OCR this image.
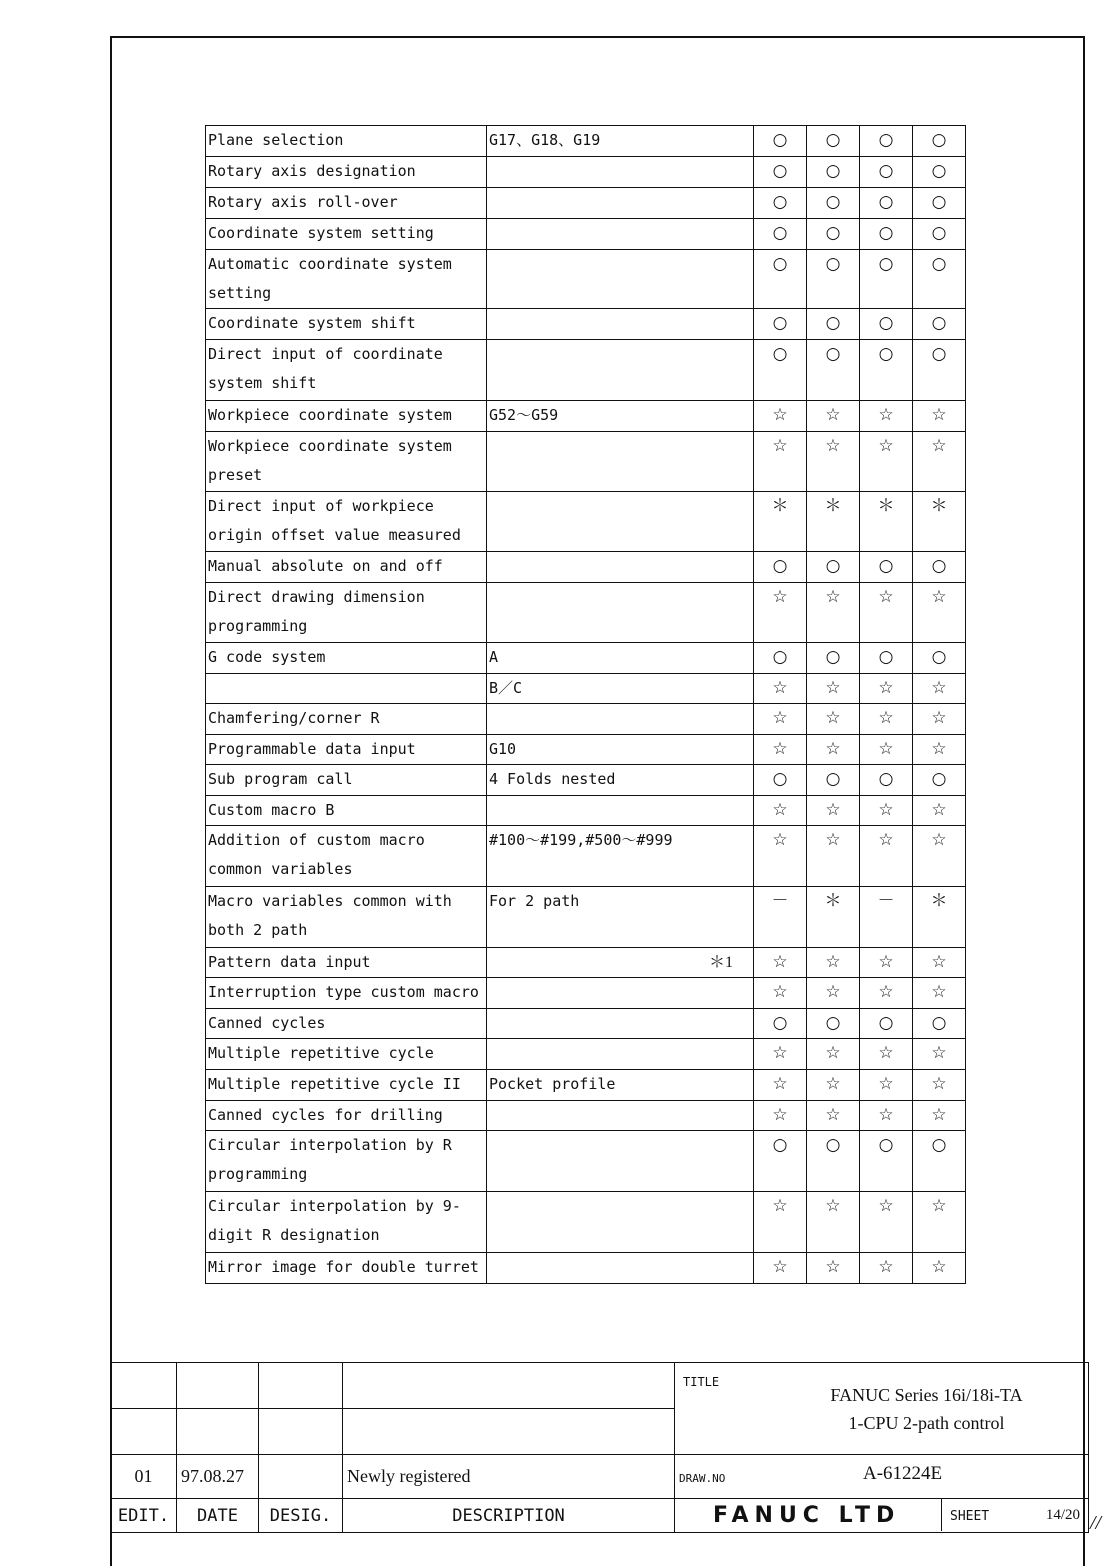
Plane selection	G17、G18、G19	○	○	○	○
Rotary axis designation		○	○	○	○
Rotary axis roll-over		○	○	○	○
Coordinate system setting		○	○	○	○
Automatic coordinate system setting		○	○	○	○
Coordinate system shift		○	○	○	○
Direct input of coordinate system shift		○	○	○	○
Workpiece coordinate system	G52～G59	☆	☆	☆	☆
Workpiece coordinate system preset		☆	☆	☆	☆
Direct input of workpiece origin offset value measured		＊	＊	＊	＊
Manual absolute on and off		○	○	○	○
Direct drawing dimension programming		☆	☆	☆	☆
G code system	A	○	○	○	○
	B／C	☆	☆	☆	☆
Chamfering/corner R		☆	☆	☆	☆
Programmable data input	G10	☆	☆	☆	☆
Sub program call	4 Folds nested	○	○	○	○
Custom macro B		☆	☆	☆	☆
Addition of custom macro common variables	#100～#199,#500～#999	☆	☆	☆	☆
Macro variables common with both 2 path	For 2 path	－	＊	－	＊
Pattern data input	＊1	☆	☆	☆	☆
Interruption type custom macro		☆	☆	☆	☆
Canned cycles		○	○	○	○
Multiple repetitive cycle		☆	☆	☆	☆
Multiple repetitive cycle II	Pocket profile	☆	☆	☆	☆
Canned cycles for drilling		☆	☆	☆	☆
Circular interpolation by R programming		○	○	○	○
Circular interpolation by 9-digit R designation		☆	☆	☆	☆
Mirror image for double turret		☆	☆	☆	☆

				TITLE
FANUC Series 16i/18i-TA
1-CPU 2-path control

01	97.08.27		Newly registered	DRAW.NO A-61224E

EDIT.	DATE	DESIG.	DESCRIPTION	FANUC LTD SHEET 14/20 //
